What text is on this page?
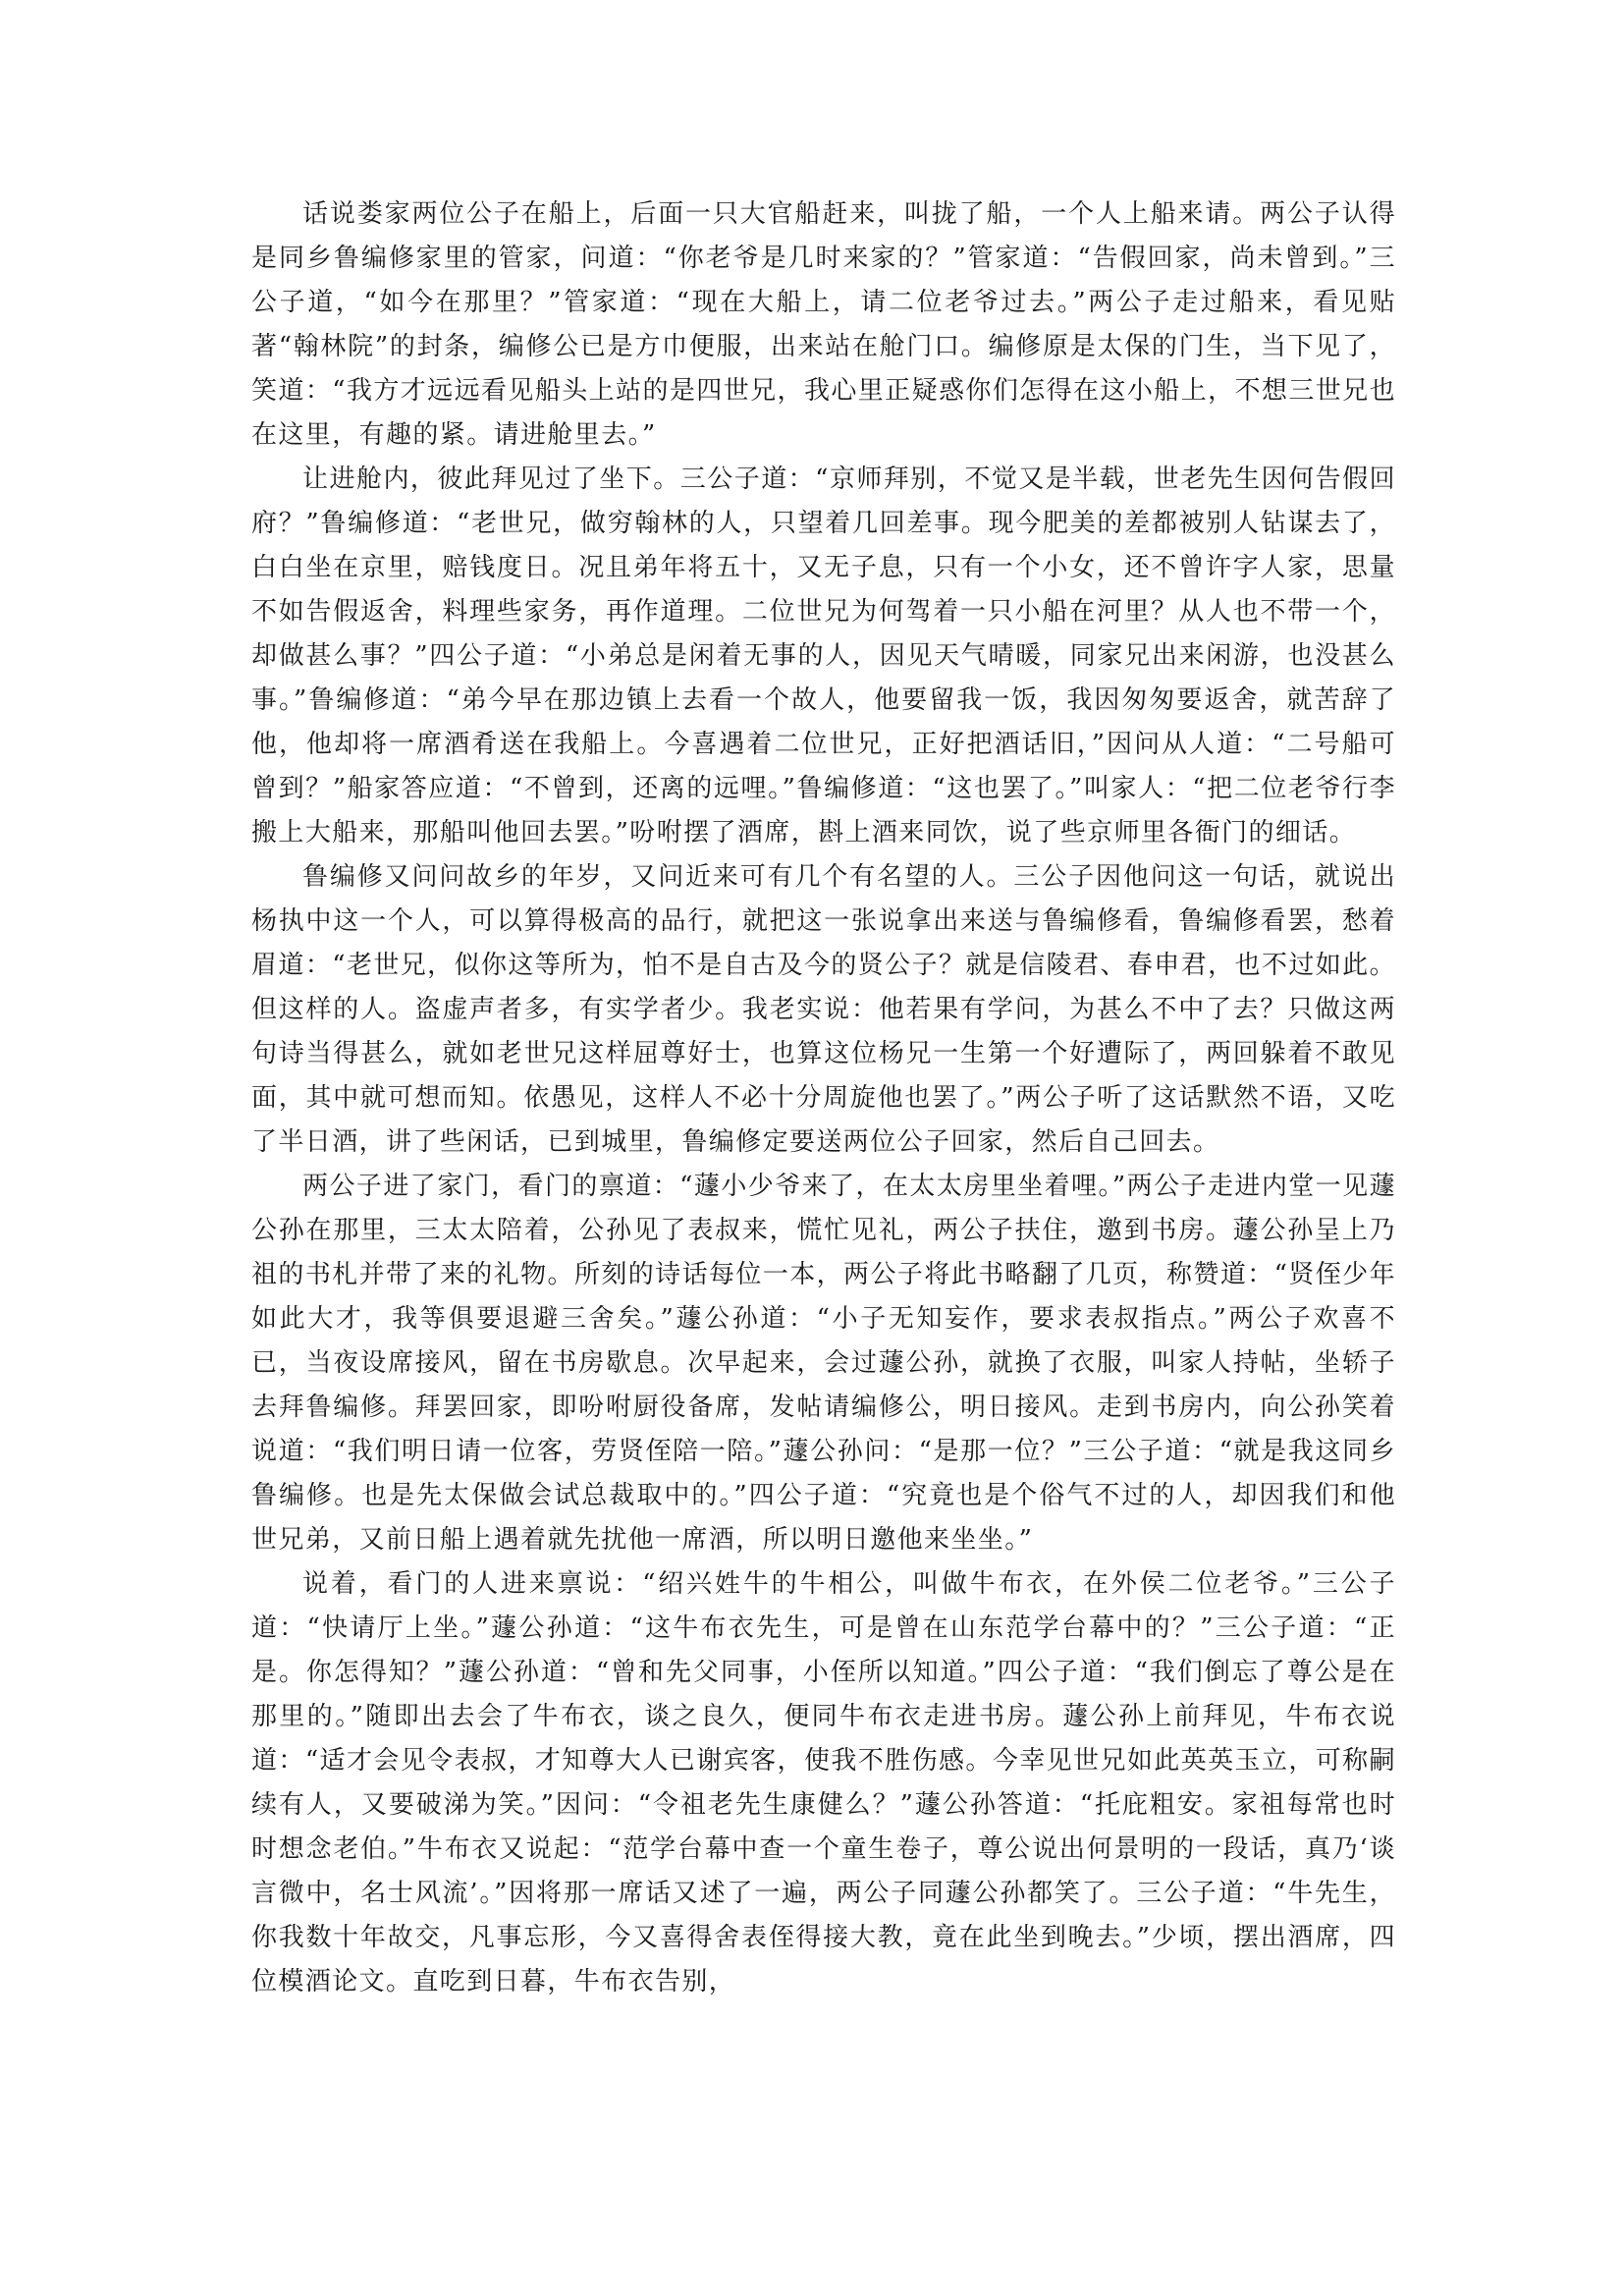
话说娄家两位公子在船上，后面一只大官船赶来，叫拢了船，一个人上船来请。两公子认得是同乡鲁编修家里的管家，问道：“你老爷是几时来家的？”管家道：“告假回家，尚未曾到。”三公子道，“如今在那里？”管家道：“现在大船上，请二位老爷过去。”两公子走过船来，看见贴著“翰林院”的封条，编修公已是方巾便服，出来站在舱门口。编修原是太保的门生，当下见了，笑道：“我方才远远看见船头上站的是四世兄，我心里正疑惑你们怎得在这小船上，不想三世兄也在这里，有趣的紧。请进舱里去。”

让进舱内，彼此拜见过了坐下。三公子道：“京师拜别，不觉又是半载，世老先生因何告假回府？”鲁编修道：“老世兄，做穷翰林的人，只望着几回差事。现今肥美的差都被别人钻谋去了，白白坐在京里，赔钱度日。况且弟年将五十，又无子息，只有一个小女，还不曾许字人家，思量不如告假返舍，料理些家务，再作道理。二位世兄为何驾着一只小船在河里？从人也不带一个，却做甚么事？”四公子道：“小弟总是闲着无事的人，因见天气晴暖，同家兄出来闲游，也没甚么事。”鲁编修道：“弟今早在那边镇上去看一个故人，他要留我一饭，我因匆匆要返舍，就苦辞了他，他却将一席酒肴送在我船上。今喜遇着二位世兄，正好把酒话旧，”因问从人道：“二号船可曾到？”船家答应道：“不曾到，还离的远哩。”鲁编修道：“这也罢了。”叫家人：“把二位老爷行李搬上大船来，那船叫他回去罢。”吩咐摆了酒席，斟上酒来同饮，说了些京师里各衙门的细话。

鲁编修又问问故乡的年岁，又问近来可有几个有名望的人。三公子因他问这一句话，就说出杨执中这一个人，可以算得极高的品行，就把这一张说拿出来送与鲁编修看，鲁编修看罢，愁着眉道：“老世兄，似你这等所为，怕不是自古及今的贤公子？就是信陵君、春申君，也不过如此。但这样的人。盗虚声者多，有实学者少。我老实说：他若果有学问，为甚么不中了去？只做这两句诗当得甚么，就如老世兄这样屈尊好士，也算这位杨兄一生第一个好遭际了，两回躲着不敢见面，其中就可想而知。依愚见，这样人不必十分周旋他也罢了。”两公子听了这话默然不语，又吃了半日酒，讲了些闲话，已到城里，鲁编修定要送两位公子回家，然后自己回去。

两公子进了家门，看门的禀道：“蘧小少爷来了，在太太房里坐着哩。”两公子走进内堂一见蘧公孙在那里，三太太陪着，公孙见了表叔来，慌忙见礼，两公子扶住，邀到书房。蘧公孙呈上乃祖的书札并带了来的礼物。所刻的诗话每位一本，两公子将此书略翻了几页，称赞道：“贤侄少年如此大才，我等俱要退避三舍矣。”蘧公孙道：“小子无知妄作，要求表叔指点。”两公子欢喜不已，当夜设席接风，留在书房歇息。次早起来，会过蘧公孙，就换了衣服，叫家人持帖，坐轿子去拜鲁编修。拜罢回家，即吩咐厨役备席，发帖请编修公，明日接风。走到书房内，向公孙笑着说道：“我们明日请一位客，劳贤侄陪一陪。”蘧公孙问：“是那一位？”三公子道：“就是我这同乡鲁编修。也是先太保做会试总裁取中的。”四公子道：“究竟也是个俗气不过的人，却因我们和他世兄弟，又前日船上遇着就先扰他一席酒，所以明日邀他来坐坐。”

说着，看门的人进来禀说：“绍兴姓牛的牛相公，叫做牛布衣，在外侯二位老爷。”三公子道：“快请厅上坐。”蘧公孙道：“这牛布衣先生，可是曾在山东范学台幕中的？”三公子道：“正是。你怎得知？”蘧公孙道：“曾和先父同事，小侄所以知道。”四公子道：“我们倒忘了尊公是在那里的。”随即出去会了牛布衣，谈之良久，便同牛布衣走进书房。蘧公孙上前拜见，牛布衣说道：“适才会见令表叔，才知尊大人已谢宾客，使我不胜伤感。今幸见世兄如此英英玉立，可称嗣续有人，又要破涕为笑。”因问：“令祖老先生康健么？”蘧公孙答道：“托庇粗安。家祖每常也时时想念老伯。”牛布衣又说起：“范学台幕中查一个童生卷子，尊公说出何景明的一段话，真乃‘谈言微中，名士风流’。”因将那一席话又述了一遍，两公子同蘧公孙都笑了。三公子道：“牛先生，你我数十年故交，凡事忘形，今又喜得舍表侄得接大教，竟在此坐到晚去。”少顷，摆出酒席，四位模酒论文。直吃到日暮，牛布衣告别，
